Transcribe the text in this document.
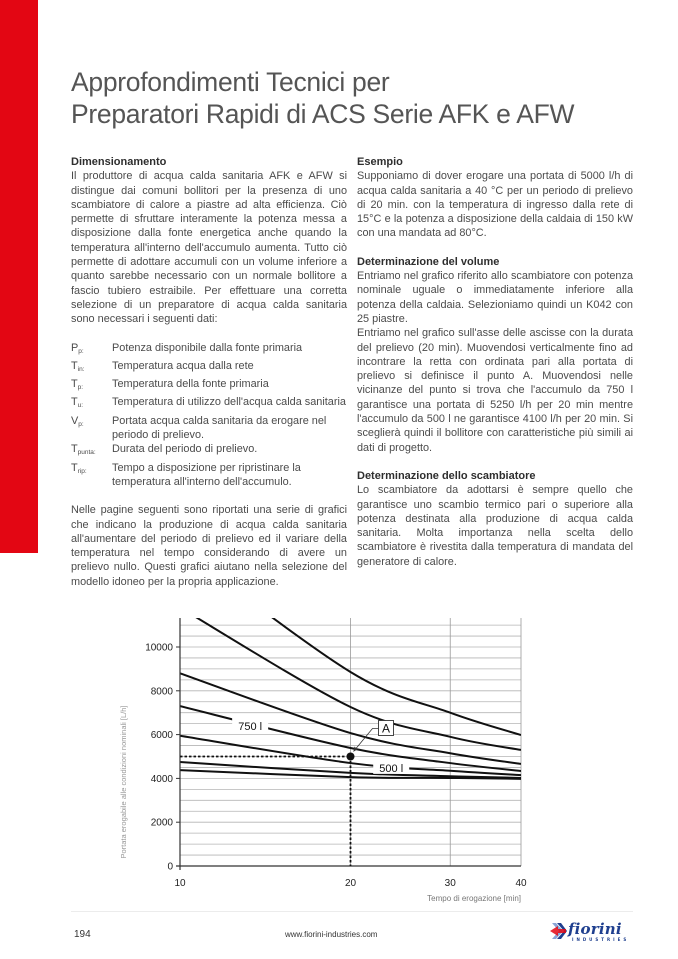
Approfondimenti Tecnici per
Preparatori Rapidi di ACS Serie AFK e AFW

Dimensionamento

Il produttore di acqua calda sanitaria AFK e AFW si distingue dai comuni bollitori per la presenza di uno scambiatore di calore a piastre ad alta efficienza. Ciò permette di sfruttare interamente la potenza messa a disposizione dalla fonte energetica anche quando la temperatura all'interno dell'accumulo aumenta. Tutto ciò permette di adottare accumuli con un volume inferiore a quanto sarebbe necessario con un normale bollitore a fascio tubiero estraibile. Per effettuare una corretta selezione di un preparatore di acqua calda sanitaria sono necessari i seguenti dati:

$P_{p:}$	Potenza disponibile dalla fonte primaria
$T_{in:}$	Temperatura acqua dalla rete
$T_{p:}$	Temperatura della fonte primaria
$T_{u:}$	Temperatura di utilizzo dell'acqua calda sanitaria
$V_{p:}$	Portata acqua calda sanitaria da erogare nel periodo di prelievo.
$T_{punta:}$	Durata del periodo di prelievo.
$T_{rip:}$	Tempo a disposizione per ripristinare la temperatura all'interno dell'accumulo.

Nelle pagine seguenti sono riportati una serie di grafici che indicano la produzione di acqua calda sanitaria all'aumentare del periodo di prelievo ed il variare della temperatura nel tempo considerando di avere un prelievo nullo. Questi grafici aiutano nella selezione del modello idoneo per la propria applicazione.

Esempio

Supponiamo di dover erogare una portata di 5000 l/h di acqua calda sanitaria a 40 °C per un periodo di prelievo di 20 min. con la temperatura di ingresso dalla rete di 15°C e la potenza a disposizione della caldaia di 150 kW con una mandata ad 80°C.

Determinazione del volume

Entriamo nel grafico riferito allo scambiatore con potenza nominale uguale o immediatamente inferiore alla potenza della caldaia. Selezioniamo quindi un K042 con 25 piastre.

Entriamo nel grafico sull'asse delle ascisse con la durata del prelievo (20 min). Muovendosi verticalmente fino ad incontrare la retta con ordinata pari alla portata di prelievo si definisce il punto A. Muovendosi nelle vicinanze del punto si trova che l'accumulo da 750 l garantisce una portata di 5250 l/h per 20 min mentre l'accumulo da 500 l ne garantisce 4100 l/h per 20 min. Si sceglierà quindi il bollitore con caratteristiche più simili ai dati di progetto.

Determinazione dello scambiatore

Lo scambiatore da adottarsi è sempre quello che garantisce uno scambio termico pari o superiore alla potenza destinata alla produzione di acqua calda sanitaria. Molta importanza nella scelta dello scambiatore è rivestita dalla temperatura di mandata del generatore di calore.

0
2000
4000
6000
8000
10000
10	20	30	40
Tempo di erogazione [min]
Portata erogabile alle condizioni nominali [L/h]	750 l
500 l
A
194	www.fiorini-industries.com	fiorini
INDUSTRIES
